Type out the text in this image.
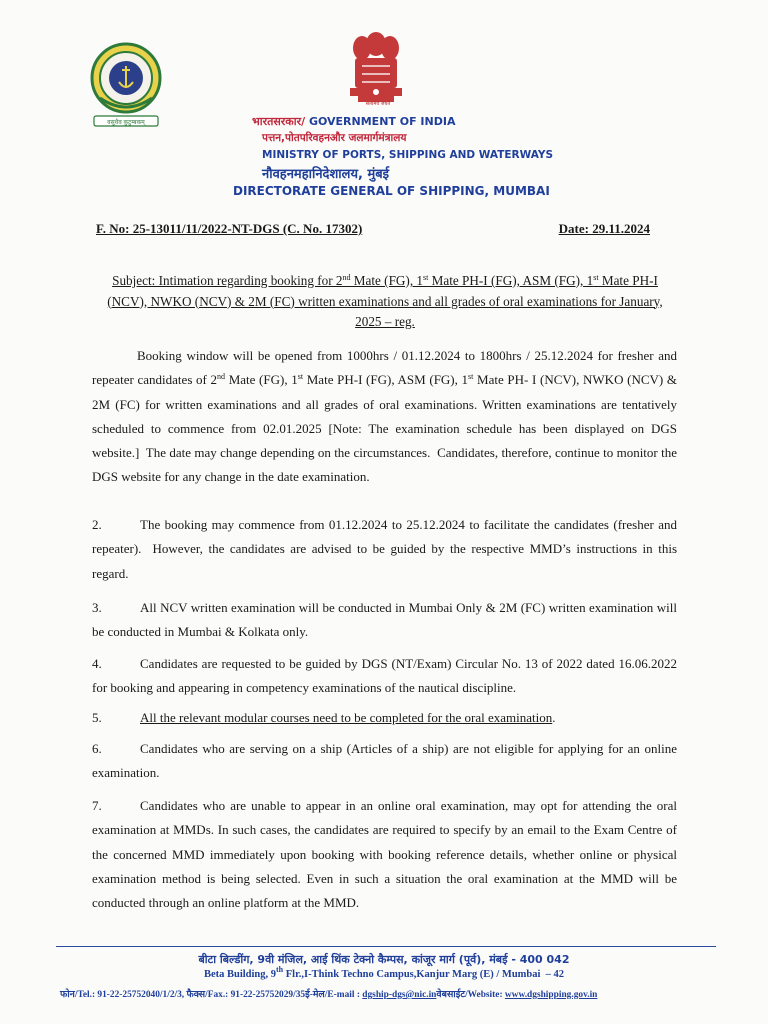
वसुधैव कुटुम्बकम्
सत्यमेव जयते
भारतसरकार/ GOVERNMENT OF INDIA
पत्तन,पोतपरिवहनऔर जलमार्गमंत्रालय
MINISTRY OF PORTS, SHIPPING AND WATERWAYS
नौवहनमहानिदेशालय, मुंबई
DIRECTORATE GENERAL OF SHIPPING, MUMBAI
F. No: 25-13011/11/2022-NT-DGS (C. No. 17302)	Date: 29.11.2024
Subject: Intimation regarding booking for 2nd Mate (FG), 1st Mate PH-I (FG), ASM (FG), 1st Mate PH-I (NCV), NWKO (NCV) & 2M (FC) written examinations and all grades of oral examinations for January, 2025 – reg.
Booking window will be opened from 1000hrs / 01.12.2024 to 1800hrs / 25.12.2024 for fresher and repeater candidates of 2nd Mate (FG), 1st Mate PH-I (FG), ASM (FG), 1st Mate PH- I (NCV), NWKO (NCV) & 2M (FC) for written examinations and all grades of oral examinations. Written examinations are tentatively scheduled to commence from 02.01.2025 [Note: The examination schedule has been displayed on DGS website.]  The date may change depending on the circumstances.  Candidates, therefore, continue to monitor the DGS website for any change in the date examination.
2.	The booking may commence from 01.12.2024 to 25.12.2024 to facilitate the candidates (fresher and repeater).  However, the candidates are advised to be guided by the respective MMD’s instructions in this regard.
3.	All NCV written examination will be conducted in Mumbai Only & 2M (FC) written examination will be conducted in Mumbai & Kolkata only.
4.	Candidates are requested to be guided by DGS (NT/Exam) Circular No. 13 of 2022 dated 16.06.2022 for booking and appearing in competency examinations of the nautical discipline.
5.	All the relevant modular courses need to be completed for the oral examination.
6.	Candidates who are serving on a ship (Articles of a ship) are not eligible for applying for an online examination.
7.	Candidates who are unable to appear in an online oral examination, may opt for attending the oral examination at MMDs. In such cases, the candidates are required to specify by an email to the Exam Centre of the concerned MMD immediately upon booking with booking reference details, whether online or physical examination method is being selected. Even in such a situation the oral examination at the MMD will be conducted through an online platform at the MMD.
बीटा बिल्डींग, 9वी मंजिल, आई थिंक टेक्नो कैम्पस, कांजूर मार्ग (पूर्व), मंबई - 400 042
Beta Building, 9th Flr.,I-Think Techno Campus,Kanjur Marg (E) / Mumbai  – 42
फोन/Tel.: 91-22-25752040/1/2/3, फैक्स/Fax.: 91-22-25752029/35ई-मेल/E-mail : dgship-dgs@nic.inवेबसाईट/Website: www.dgshipping.gov.in
